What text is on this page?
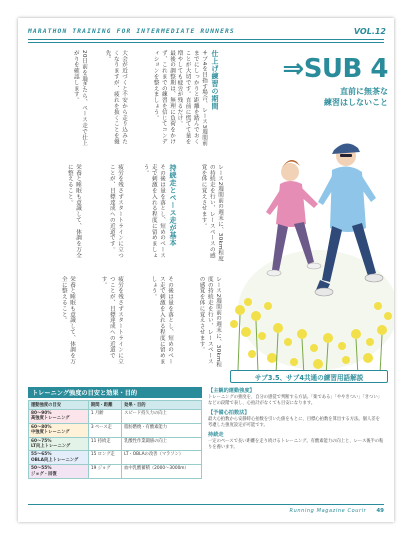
MARATHON TRAINING FOR INTERMEDIATE RUNNERS	VOL.12
仕上げ練習の期間
サブ4を目指す場合、レース3週間前までにしっかりと距離を踏んでおくことが大切です。直前に慌てて量を増やしても疲労が残るだけ。
最後の調整期は、無理に負荷をかけず、これまでの練習を信じてコンディションを整えましょう。
大会が近づくと不安から走り込みたくなりますが、疲れを抜くことを優先。
20日前を過ぎたら、ペース走で仕上がりを確認します。
レース2週間前の週末に、30km程度の持続走を行い、レースペースの感覚を体に覚えさせます。
持続走とペース走が基本
その後は量を落とし、短めのペース走で刺激を入れる程度に留めましょう。
疲労を残さずスタートラインに立つことが、目標達成への近道です。
栄養と睡眠も意識して、体調を万全に整えること。
レース2週間前の週末に、30km程度の持続走を行い、レースペースの感覚を体に覚えさせます。
その後は量を落とし、短めのペース走で刺激を入れる程度に留めましょう。
疲労を残さずスタートラインに立つことが、目標達成への近道です。
栄養と睡眠も意識して、体調を万全に整えること。
⇒SUB 4
直前に無茶な
練習はしないこと
サブ3.5、サブ4共通の練習用語解説
トレーニング強度の目安と効果・目的
運動強度の目安	期間・距離	効果・目的
80～90%
高強度トレーニング	1 月齢	スピード持久力の向上
60～80%
中強度トレーニング	3 ペース走	脂肪燃焼・有酸素能力
60～75%
LT向上トレーニング	11 持続走	乳酸性作業閾値の向上
55～65%
OBLA向上トレーニング	15 ロング走	LT・OBLAの改善（マラソン）
50～55%
ジョグ・回復	19 ジョグ	血中乳酸蓄積（2000～3000m）
【主観的運動強度】
トレーニングの強度を、自分の感覚で判断する方法。「楽である」「ややきつい」「きつい」などの段階で表し、心拍計がなくても目安になります。
【予備心拍数法】
最大心拍数から安静時心拍数を引いた値をもとに、目標心拍数を算出する方法。個人差を考慮した強度設定が可能です。
持続走
一定のペースで長い距離を走り続けるトレーニング。有酸素能力の向上と、レース後半の粘りを養います。
Running Magazine Courir 49
